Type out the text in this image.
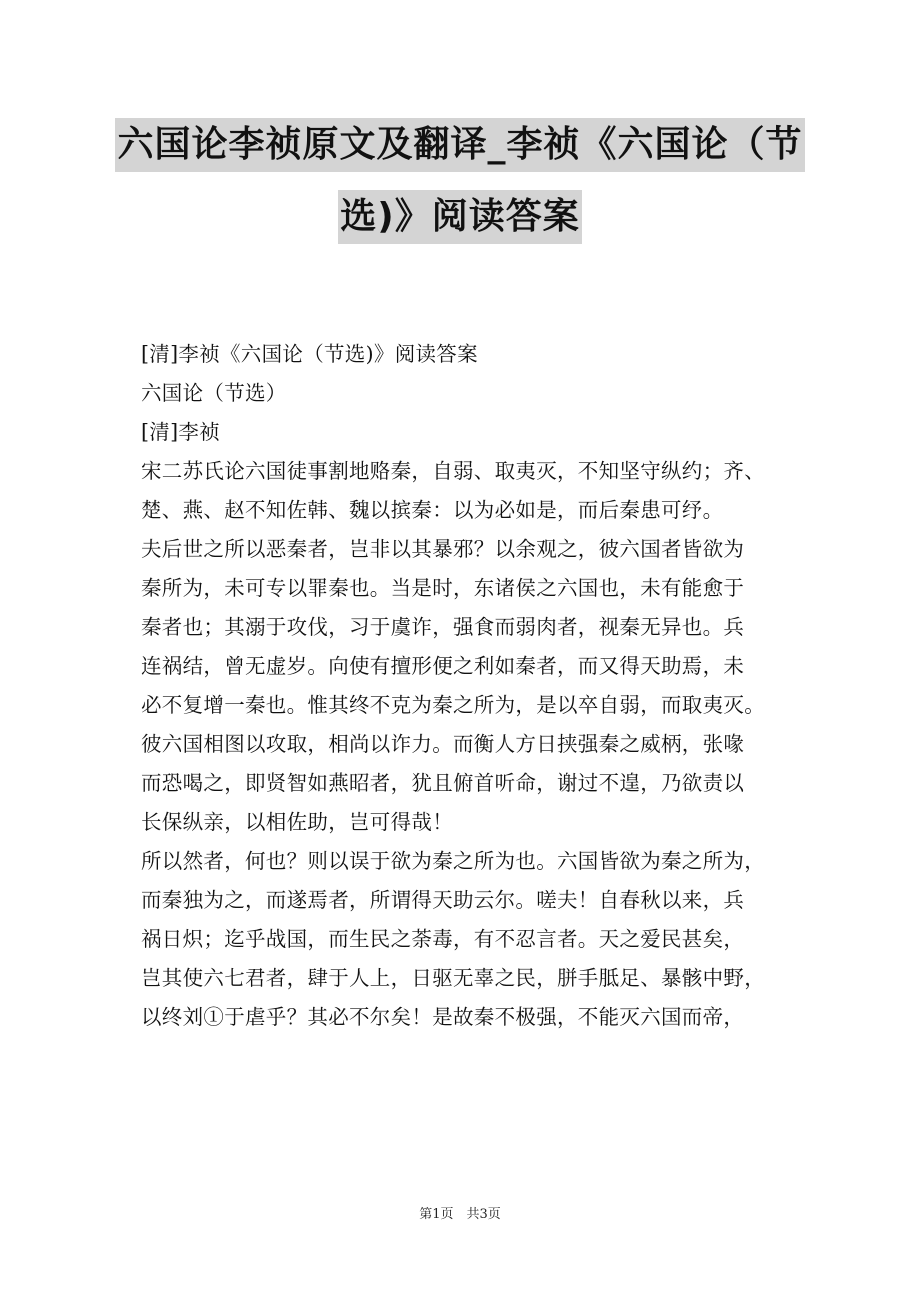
六国论李祯原文及翻译_李祯《六国论（节
选)》阅读答案

[清]李祯《六国论（节选)》阅读答案

六国论（节选）

[清]李祯

宋二苏氏论六国徒事割地赂秦，自弱、取夷灭，不知坚守纵约；齐、

楚、燕、赵不知佐韩、魏以摈秦：以为必如是，而后秦患可纾。

夫后世之所以恶秦者，岂非以其暴邪？以余观之，彼六国者皆欲为

秦所为，未可专以罪秦也。当是时，东诸侯之六国也，未有能愈于

秦者也；其溺于攻伐，习于虞诈，强食而弱肉者，视秦无异也。兵

连祸结，曾无虚岁。向使有擅形便之利如秦者，而又得天助焉，未

必不复增一秦也。惟其终不克为秦之所为，是以卒自弱，而取夷灭。

彼六国相图以攻取，相尚以诈力。而衡人方日挟强秦之威柄，张喙

而恐喝之，即贤智如燕昭者，犹且俯首听命，谢过不遑，乃欲责以

长保纵亲，以相佐助，岂可得哉！

所以然者，何也？则以误于欲为秦之所为也。六国皆欲为秦之所为，

而秦独为之，而遂焉者，所谓得天助云尔。嗟夫！自春秋以来，兵

祸日炽；迄乎战国，而生民之荼毒，有不忍言者。天之爱民甚矣，

岂其使六七君者，肆于人上，日驱无辜之民，胼手胝足、暴骸中野，

以终刘①于虐乎？其必不尔矣！是故秦不极强，不能灭六国而帝，

第1页　共3页
